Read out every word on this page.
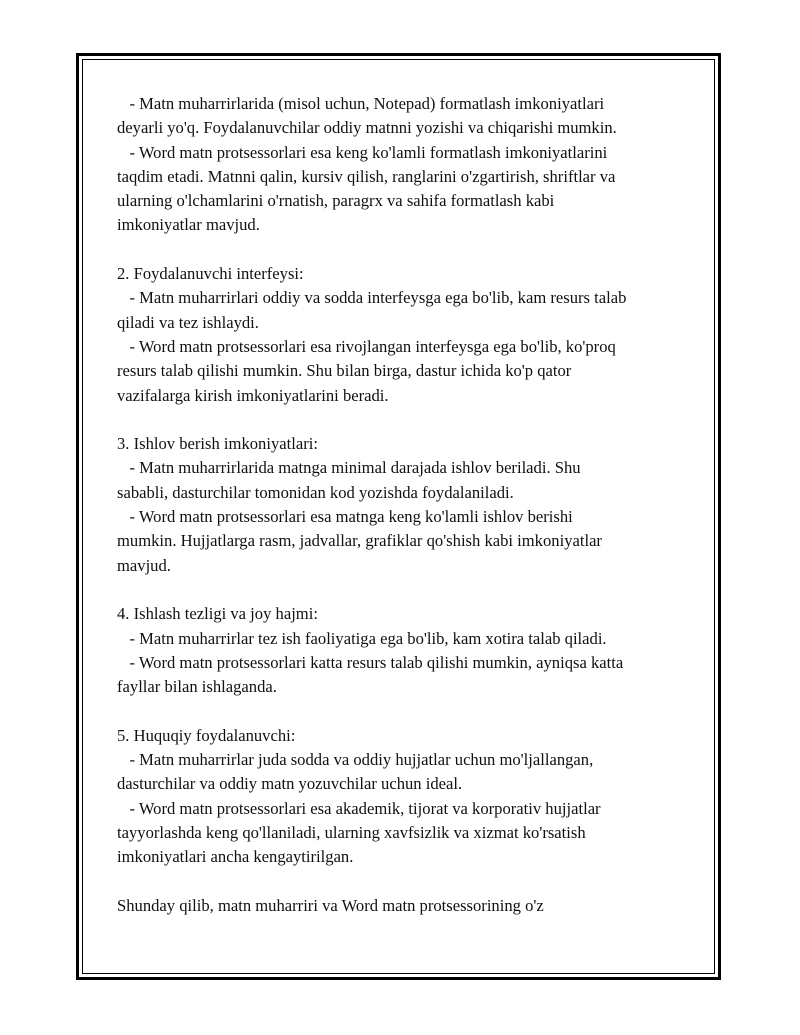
- Matn muharrirlarida (misol uchun, Notepad) formatlash imkoniyatlari
deyarli yo'q. Foydalanuvchilar oddiy matnni yozishi va chiqarishi mumkin.
- Word matn protsessorlari esa keng ko'lamli formatlash imkoniyatlarini
taqdim etadi. Matnni qalin, kursiv qilish, ranglarini o'zgartirish, shriftlar va
ularning o'lchamlarini o'rnatish, paragrx va sahifa formatlash kabi
imkoniyatlar mavjud.
2. Foydalanuvchi interfeysi:
- Matn muharrirlari oddiy va sodda interfeysga ega bo'lib, kam resurs talab
qiladi va tez ishlaydi.
- Word matn protsessorlari esa rivojlangan interfeysga ega bo'lib, ko'proq
resurs talab qilishi mumkin. Shu bilan birga, dastur ichida ko'p qator
vazifalarga kirish imkoniyatlarini beradi.
3. Ishlov berish imkoniyatlari:
- Matn muharrirlarida matnga minimal darajada ishlov beriladi. Shu
sababli, dasturchilar tomonidan kod yozishda foydalaniladi.
- Word matn protsessorlari esa matnga keng ko'lamli ishlov berishi
mumkin. Hujjatlarga rasm, jadvallar, grafiklar qo'shish kabi imkoniyatlar
mavjud.
4. Ishlash tezligi va joy hajmi:
- Matn muharrirlar tez ish faoliyatiga ega bo'lib, kam xotira talab qiladi.
- Word matn protsessorlari katta resurs talab qilishi mumkin, ayniqsa katta
fayllar bilan ishlaganda.
5. Huquqiy foydalanuvchi:
- Matn muharrirlar juda sodda va oddiy hujjatlar uchun mo'ljallangan,
dasturchilar va oddiy matn yozuvchilar uchun ideal.
- Word matn protsessorlari esa akademik, tijorat va korporativ hujjatlar
tayyorlashda keng qo'llaniladi, ularning xavfsizlik va xizmat ko'rsatish
imkoniyatlari ancha kengaytirilgan.
Shunday qilib, matn muharriri va Word matn protsessorining o'z
